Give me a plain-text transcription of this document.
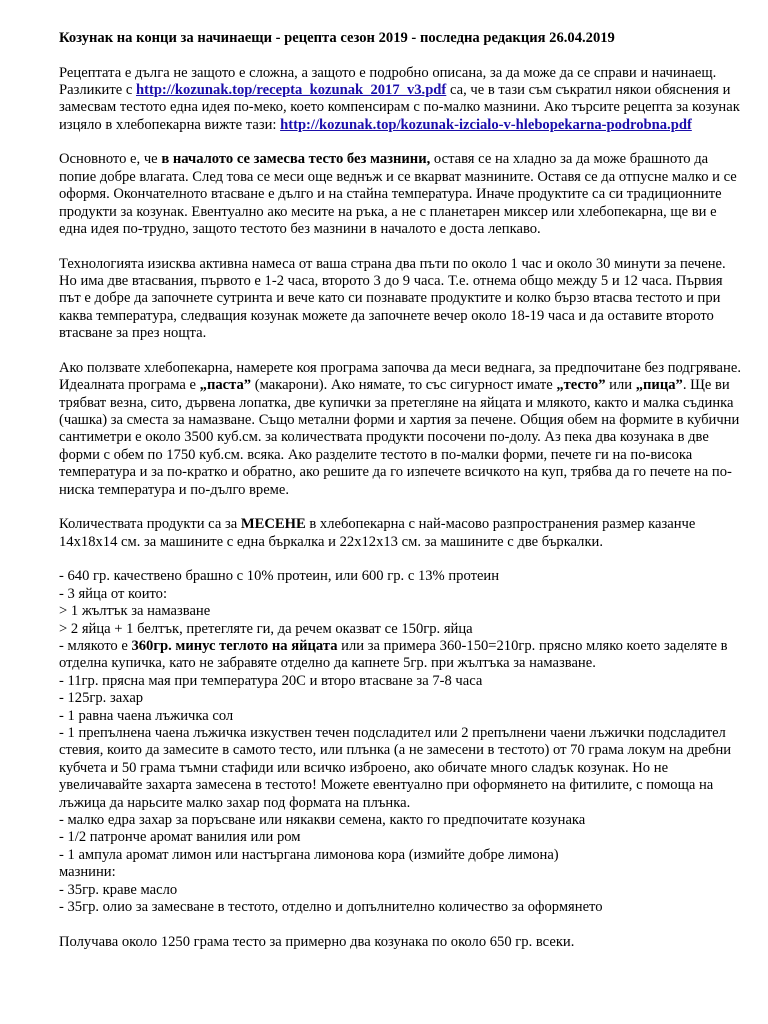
Козунак на конци за начинаещи - рецепта сезон 2019 - последна редакция 26.04.2019

Рецептата е дълга не защото е сложна, а защото е подробно описана, за да може да се справи и начинаещ. Разликите с http://kozunak.top/recepta_kozunak_2017_v3.pdf са, че в тази съм съкратил някои обяснения и замесвам тестото една идея по-меко, което компенсирам с по-малко мазнини. Ако търсите рецепта за козунак изцяло в хлебопекарна вижте тази: http://kozunak.top/kozunak-izcialo-v-hlebopekarna-podrobna.pdf

Основното е, че в началото се замесва тесто без мазнини, оставя се на хладно за да може брашното да попие добре влагата. След това се меси още веднъж и се вкарват мазнините. Оставя се да отпусне малко и се оформя. Окончателното втасване е дълго и на стайна температура. Иначе продуктите са си традиционните продукти за козунак. Евентуално ако месите на ръка, а не с планетарен миксер или хлебопекарна, ще ви е една идея по-трудно, защото тестото без мазнини в началото е доста лепкаво.

Технологията изисква активна намеса от ваша страна два пъти по около 1 час и около 30 минути за печене. Но има две втасвания, първото е 1-2 часа, второто 3 до 9 часа. Т.е. отнема общо между 5 и 12 часа. Първия път е добре да започнете сутринта и вече като си познавате продуктите и колко бързо втасва тестото и при каква температура, следващия козунак можете да започнете вечер около 18-19 часа и да оставите второто втасване за през нощта.

Ако ползвате хлебопекарна, намерете коя програма започва да меси веднага, за предпочитане без подгряване. Идеалната програма е „паста” (макарони). Ако нямате, то със сигурност имате „тесто” или „пица”. Ще ви трябват везна, сито, дървена лопатка, две купички за претегляне на яйцата и млякото, както и малка съдинка (чашка) за сместа за намазване. Също метални форми и хартия за печене. Общия обем на формите в кубични сантиметри е около 3500 куб.см. за количествата продукти посочени по-долу. Аз пека два козунака в две форми с обем по 1750 куб.см. всяка. Ако разделите тестото в по-малки форми, печете ги на по-висока температура и за по-кратко и обратно, ако решите да го изпечете всичкото на куп, трябва да го печете на по-ниска температура и по-дълго време.

Количествата продукти са за МЕСЕНЕ в хлебопекарна с най-масово разпространения размер казанче 14x18x14 см. за машините с една бъркалка и 22x12x13 см. за машините с две бъркалки.

- 640 гр. качествено брашно с 10% протеин, или 600 гр. с 13% протеин
- 3 яйца от които:
> 1 жълтък за намазване
> 2 яйца + 1 белтък, претегляте ги, да речем оказват се 150гр. яйца
- млякото е 360гр. минус теглото на яйцата или за примера 360-150=210гр. прясно мляко което заделяте в отделна купичка, като не забравяте отделно да капнете 5гр. при жълтъка за намазване.
- 11гр. прясна мая при температура 20С и второ втасване за 7-8 часа
- 125гр. захар
- 1 равна чаена лъжичка сол
- 1 препълнена чаена лъжичка изкуствен течен подсладител или 2 препълнени чаени лъжички подсладител стевия, които да замесите в самото тесто, или плънка (а не замесени в тестото) от 70 грама локум на дребни кубчета и 50 грама тъмни стафиди или всичко изброено, ако обичате много сладък козунак. Но не увеличавайте захарта замесена в тестото! Можете евентуално при оформянето на фитилите, с помоща на лъжица да нарьсите малко захар под формата на плънка.
- малко едра захар за поръсване или някакви семена, както го предпочитате козунака
- 1/2 патронче аромат ванилия или ром
- 1 ампула аромат лимон или настъргана лимонова кора (измийте добре лимона)
мазнини:
- 35гр. краве масло
- 35гр. олио за замесване в тестото, отделно и допълнително количество за оформянето

Получава около 1250 грама тесто за примерно два козунака по около 650 гр. всеки.
